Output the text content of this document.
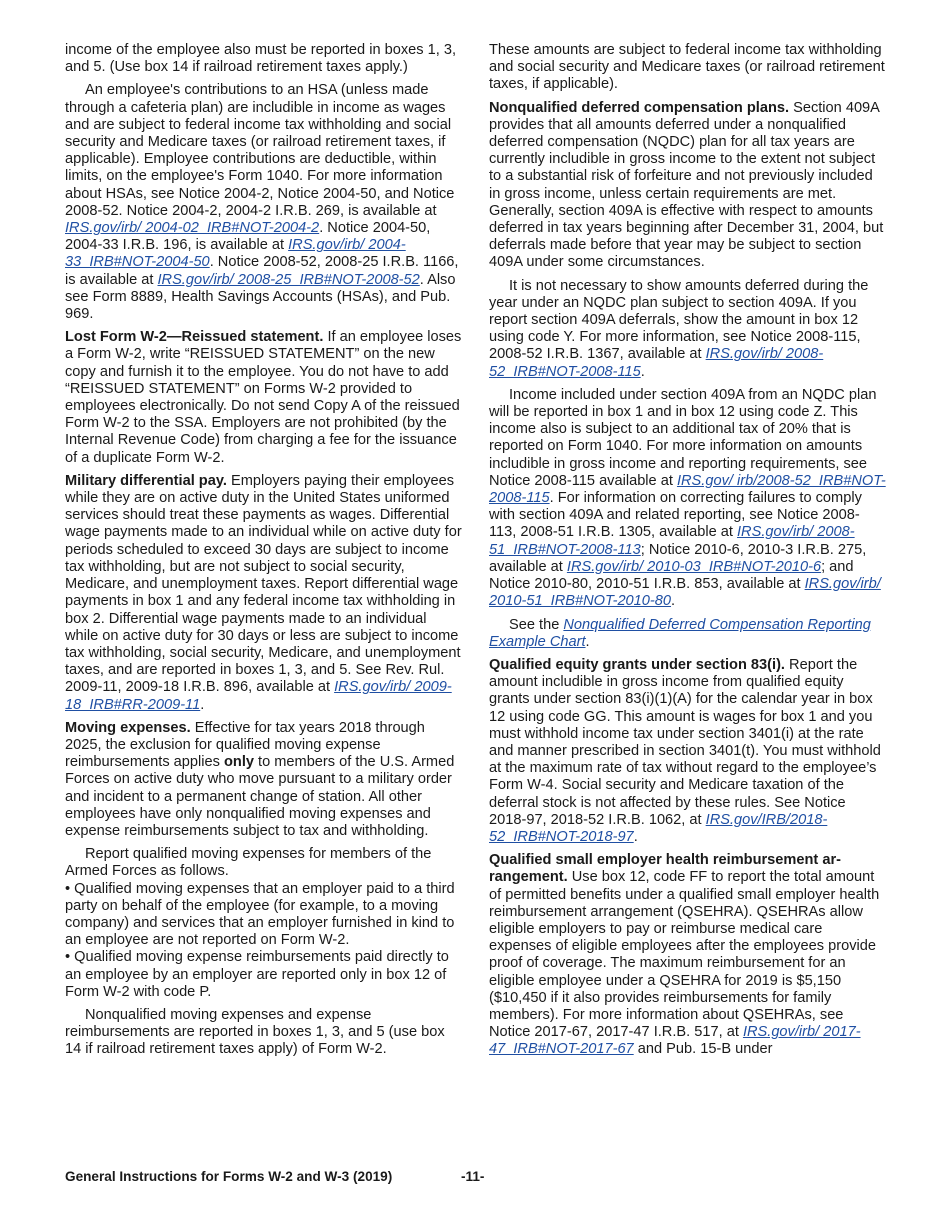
income of the employee also must be reported in boxes 1, 3, and 5. (Use box 14 if railroad retirement taxes apply.)

An employee's contributions to an HSA (unless made through a cafeteria plan) are includible in income as wages and are subject to federal income tax withholding and social security and Medicare taxes (or railroad retirement taxes, if applicable). Employee contributions are deductible, within limits, on the employee's Form 1040. For more information about HSAs, see Notice 2004-2, Notice 2004-50, and Notice 2008-52. Notice 2004-2, 2004-2 I.R.B. 269, is available at IRS.gov/irb/ 2004-02_IRB#NOT-2004-2. Notice 2004-50, 2004-33 I.R.B. 196, is available at IRS.gov/irb/ 2004-33_IRB#NOT-2004-50. Notice 2008-52, 2008-25 I.R.B. 1166, is available at IRS.gov/irb/ 2008-25_IRB#NOT-2008-52. Also see Form 8889, Health Savings Accounts (HSAs), and Pub. 969.

Lost Form W-2—Reissued statement. If an employee loses a Form W-2, write “REISSUED STATEMENT” on the new copy and furnish it to the employee. You do not have to add “REISSUED STATEMENT” on Forms W-2 provided to employees electronically. Do not send Copy A of the reissued Form W-2 to the SSA. Employers are not prohibited (by the Internal Revenue Code) from charging a fee for the issuance of a duplicate Form W-2.

Military differential pay. Employers paying their employees while they are on active duty in the United States uniformed services should treat these payments as wages. Differential wage payments made to an individual while on active duty for periods scheduled to exceed 30 days are subject to income tax withholding, but are not subject to social security, Medicare, and unemployment taxes. Report differential wage payments in box 1 and any federal income tax withholding in box 2. Differential wage payments made to an individual while on active duty for 30 days or less are subject to income tax withholding, social security, Medicare, and unemployment taxes, and are reported in boxes 1, 3, and 5. See Rev. Rul. 2009-11, 2009-18 I.R.B. 896, available at IRS.gov/irb/ 2009-18_IRB#RR-2009-11.

Moving expenses. Effective for tax years 2018 through 2025, the exclusion for qualified moving expense reimbursements applies only to members of the U.S. Armed Forces on active duty who move pursuant to a military order and incident to a permanent change of station. All other employees have only nonqualified moving expenses and expense reimbursements subject to tax and withholding.

Report qualified moving expenses for members of the Armed Forces as follows.

• Qualified moving expenses that an employer paid to a third party on behalf of the employee (for example, to a moving company) and services that an employer furnished in kind to an employee are not reported on Form W-2.

• Qualified moving expense reimbursements paid directly to an employee by an employer are reported only in box 12 of Form W-2 with code P.

Nonqualified moving expenses and expense reimbursements are reported in boxes 1, 3, and 5 (use box 14 if railroad retirement taxes apply) of Form W-2.

These amounts are subject to federal income tax withholding and social security and Medicare taxes (or railroad retirement taxes, if applicable).

Nonqualified deferred compensation plans. Section 409A provides that all amounts deferred under a nonqualified deferred compensation (NQDC) plan for all tax years are currently includible in gross income to the extent not subject to a substantial risk of forfeiture and not previously included in gross income, unless certain requirements are met. Generally, section 409A is effective with respect to amounts deferred in tax years beginning after December 31, 2004, but deferrals made before that year may be subject to section 409A under some circumstances.

It is not necessary to show amounts deferred during the year under an NQDC plan subject to section 409A. If you report section 409A deferrals, show the amount in box 12 using code Y. For more information, see Notice 2008-115, 2008-52 I.R.B. 1367, available at IRS.gov/irb/ 2008-52_IRB#NOT-2008-115.

Income included under section 409A from an NQDC plan will be reported in box 1 and in box 12 using code Z. This income also is subject to an additional tax of 20% that is reported on Form 1040. For more information on amounts includible in gross income and reporting requirements, see Notice 2008-115 available at IRS.gov/ irb/2008-52_IRB#NOT-2008-115. For information on correcting failures to comply with section 409A and related reporting, see Notice 2008-113, 2008-51 I.R.B. 1305, available at IRS.gov/irb/ 2008-51_IRB#NOT-2008-113; Notice 2010-6, 2010-3 I.R.B. 275, available at IRS.gov/irb/ 2010-03_IRB#NOT-2010-6; and Notice 2010-80, 2010-51 I.R.B. 853, available at IRS.gov/irb/ 2010-51_IRB#NOT-2010-80.

See the Nonqualified Deferred Compensation Reporting Example Chart.

Qualified equity grants under section 83(i). Report the amount includible in gross income from qualified equity grants under section 83(i)(1)(A) for the calendar year in box 12 using code GG. This amount is wages for box 1 and you must withhold income tax under section 3401(i) at the rate and manner prescribed in section 3401(t). You must withhold at the maximum rate of tax without regard to the employee’s Form W-4. Social security and Medicare taxation of the deferral stock is not affected by these rules. See Notice 2018-97, 2018-52 I.R.B. 1062, at IRS.gov/IRB/2018-52_IRB#NOT-2018-97.

Qualified small employer health reimbursement arrangement. Use box 12, code FF to report the total amount of permitted benefits under a qualified small employer health reimbursement arrangement (QSEHRA). QSEHRAs allow eligible employers to pay or reimburse medical care expenses of eligible employees after the employees provide proof of coverage. The maximum reimbursement for an eligible employee under a QSEHRA for 2019 is $5,150 ($10,450 if it also provides reimbursements for family members). For more information about QSEHRAs, see Notice 2017-67, 2017-47 I.R.B. 517, at IRS.gov/irb/ 2017-47_IRB#NOT-2017-67 and Pub. 15-B under

General Instructions for Forms W-2 and W-3 (2019)	-11-
